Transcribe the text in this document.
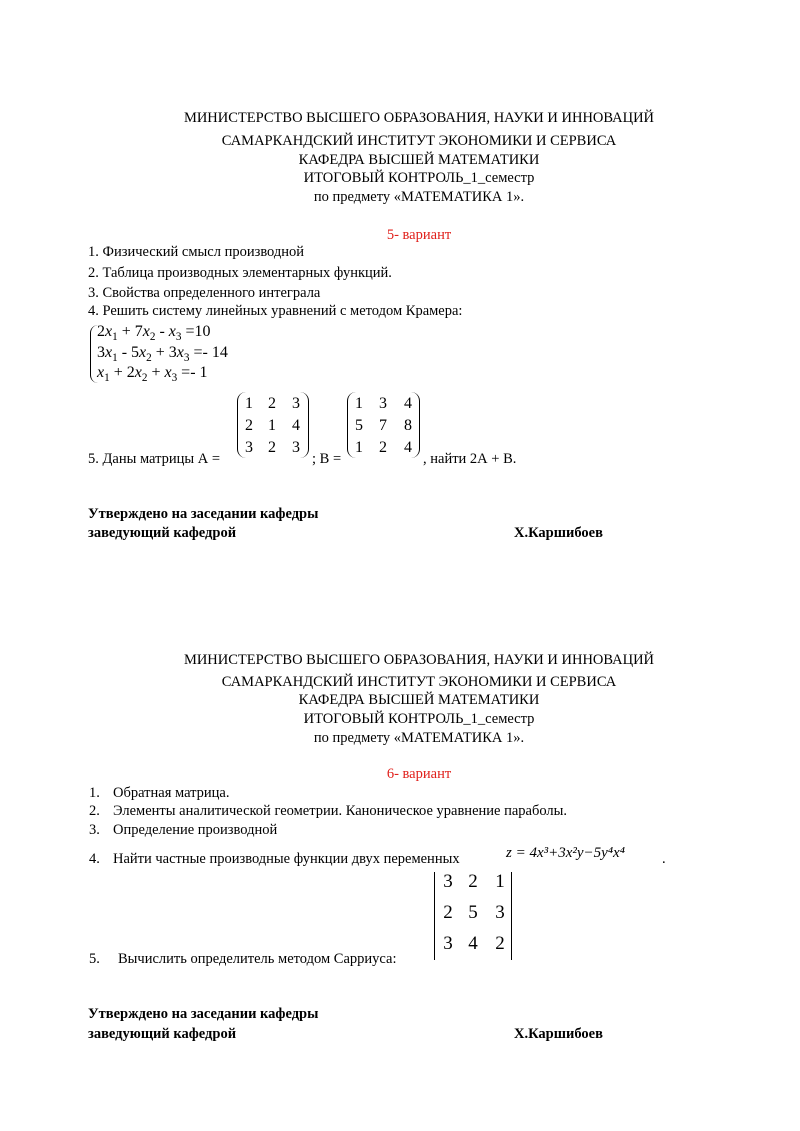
МИНИСТЕРСТВО ВЫСШЕГО ОБРАЗОВАНИЯ, НАУКИ И ИННОВАЦИЙ
САМАРКАНДСКИЙ ИНСТИТУТ ЭКОНОМИКИ И СЕРВИСА
КАФЕДРА ВЫСШЕЙ МАТЕМАТИКИ
ИТОГОВЫЙ КОНТРОЛЬ_1_семестр
по предмету «МАТЕМАТИКА 1».
5- вариант
1. Физический смысл производной
2. Таблица производных элементарных функций.
3. Свойства определенного интеграла
4. Решить систему линейных уравнений с методом Крамера:
$2x_1 + 7x_2 - x_3 =10$
$3x_1 - 5x_2 + 3x_3 =- 14$
$x_1 + 2x_2 + x_3 =- 1$
5. Даны матрицы А =
1 2	3
2 1	4
3 2	3
; В =
1	3	4
5	7	8
1	2	4
, найти 2А + В.
Утверждено на заседании кафедры
заведующий кафедрой	Х.Каршибоев
МИНИСТЕРСТВО ВЫСШЕГО ОБРАЗОВАНИЯ, НАУКИ И ИННОВАЦИЙ
САМАРКАНДСКИЙ ИНСТИТУТ ЭКОНОМИКИ И СЕРВИСА
КАФЕДРА ВЫСШЕЙ МАТЕМАТИКИ
ИТОГОВЫЙ КОНТРОЛЬ_1_семестр
по предмету «МАТЕМАТИКА 1».
6- вариант
1. Обратная матрица.
2. Элементы аналитической геометрии. Каноническое уравнение параболы.
3. Определение производной
4. Найти частные производные функции двух переменных	z = 4x³+3x²y−5y⁴x⁴	.
5. Вычислить определитель методом Сарриуса:
3 2 1
2 5 3
3 4 2
Утверждено на заседании кафедры
заведующий кафедрой	Х.Каршибоев
